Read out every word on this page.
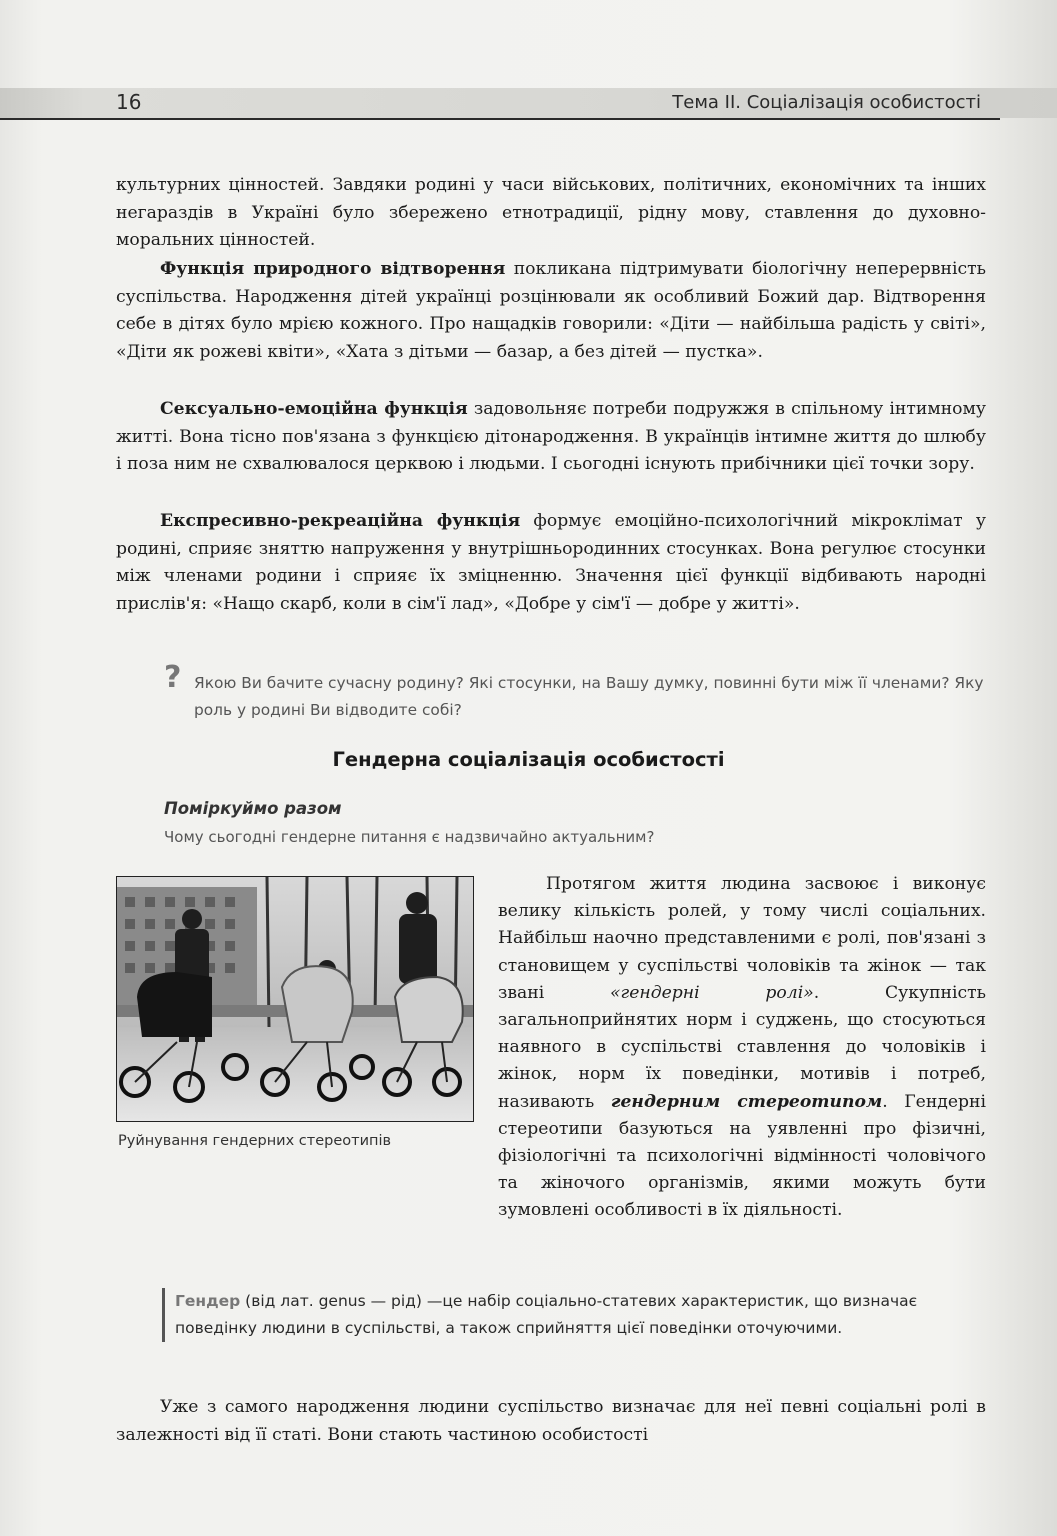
16	Тема II. Соціалізація особистості

культурних цінностей. Завдяки родині у часи військових, політичних, економічних та інших негараздів в Україні було збережено етнотрадиції, рідну мову, ставлення до духовно-моральних цінностей.

Функція природного відтворення покликана підтримувати біологічну неперервність суспільства. Народження дітей українці розцінювали як особливий Божий дар. Відтворення себе в дітях було мрією кожного. Про нащадків говорили: «Діти — найбільша радість у світі», «Діти як рожеві квіти», «Хата з дітьми — базар, а без дітей — пустка».

Сексуально-емоційна функція задовольняє потреби подружжя в спільному інтимному житті. Вона тісно пов'язана з функцією дітонародження. В українців інтимне життя до шлюбу і поза ним не схвалювалося церквою і людьми. І сьогодні існують прибічники цієї точки зору.

Експресивно-рекреаційна функція формує емоційно-психологічний мікроклімат у родині, сприяє зняттю напруження у внутрішньородинних стосунках. Вона регулює стосунки між членами родини і сприяє їх зміцненню. Значення цієї функції відбивають народні прислів'я: «Нащо скарб, коли в сім'ї лад», «Добре у сім'ї — добре у житті».

? Якою Ви бачите сучасну родину? Які стосунки, на Вашу думку, повинні бути між її членами? Яку роль у родині Ви відводите собі?
Гендерна соціалізація особистості
Поміркуймо разом
Чому сьогодні гендерне питання є надзвичайно актуальним?
Руйнування гендерних стереотипів

Протягом життя людина засвоює і виконує велику кількість ролей, у тому числі соціальних. Найбільш наочно представленими є ролі, пов'язані з становищем у суспільстві чоловіків та жінок — так звані «гендерні ролі». Сукупність загальноприйнятих норм і суджень, що стосуються наявного в суспільстві ставлення до чоловіків і жінок, норм їх поведінки, мотивів і потреб, називають гендерним стереотипом. Гендерні стереотипи базуються на уявленні про фізичні, фізіологічні та психологічні відмінності чоловічого та жіночого організмів, якими можуть бути зумовлені особливості в їх діяльності.

Гендер (від лат. genus — рід) —це набір соціально-статевих характеристик, що визначає поведінку людини в суспільстві, а також сприйняття цієї поведінки оточуючими.

Уже з самого народження людини суспільство визначає для неї певні соціальні ролі в залежності від її статі. Вони стають частиною особистості
